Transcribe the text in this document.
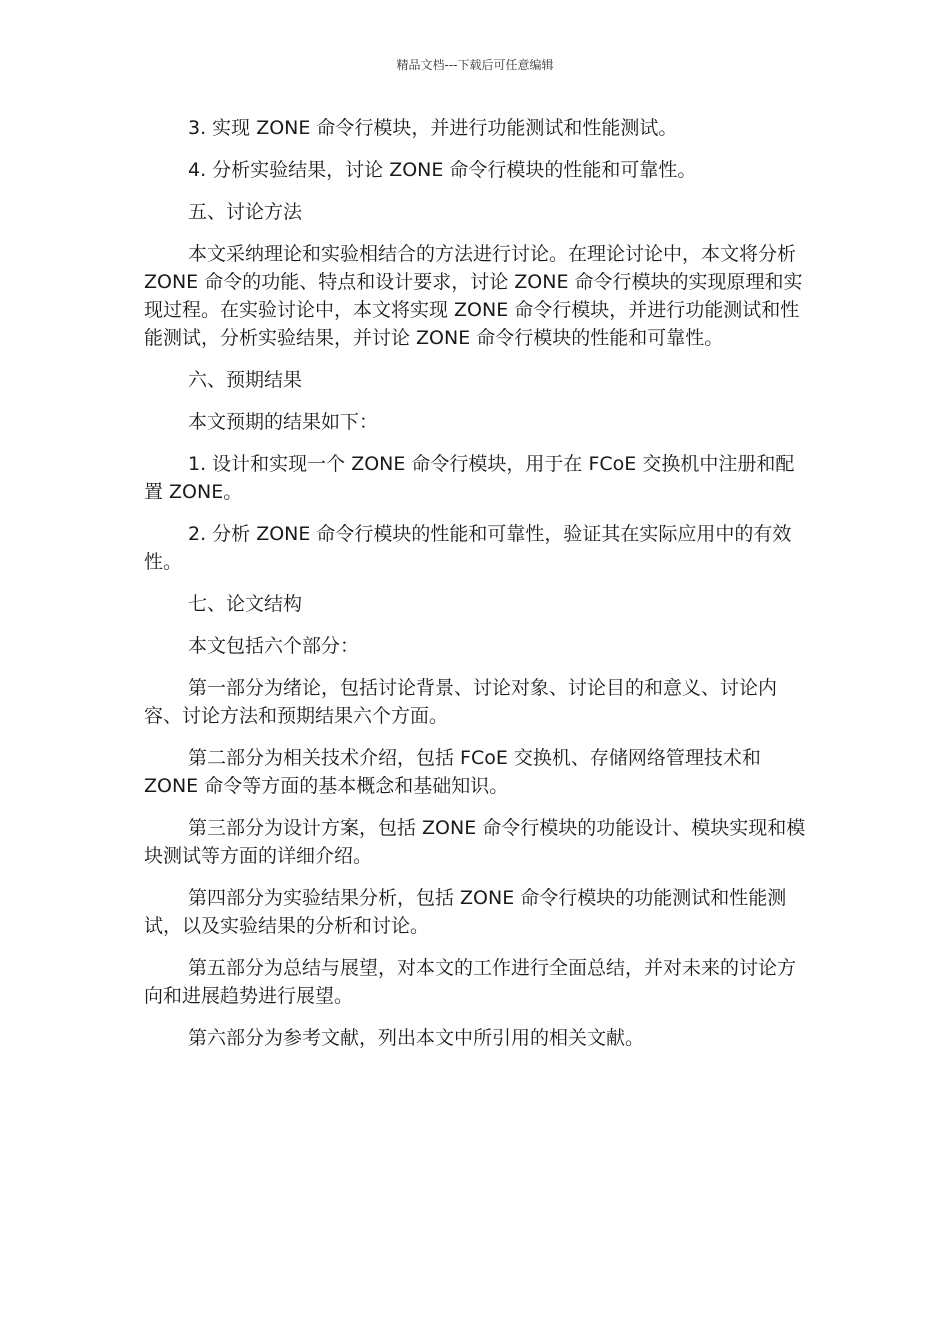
精品文档---下载后可任意编辑

3. 实现 ZONE 命令行模块，并进行功能测试和性能测试。

4. 分析实验结果，讨论 ZONE 命令行模块的性能和可靠性。

五、讨论方法

本文采纳理论和实验相结合的方法进行讨论。在理论讨论中，本文将分析 ZONE 命令的功能、特点和设计要求，讨论 ZONE 命令行模块的实现原理和实现过程。在实验讨论中，本文将实现 ZONE 命令行模块，并进行功能测试和性能测试，分析实验结果，并讨论 ZONE 命令行模块的性能和可靠性。

六、预期结果

本文预期的结果如下：

1. 设计和实现一个 ZONE 命令行模块，用于在 FCoE 交换机中注册和配置 ZONE。

2. 分析 ZONE 命令行模块的性能和可靠性，验证其在实际应用中的有效性。

七、论文结构

本文包括六个部分：

第一部分为绪论，包括讨论背景、讨论对象、讨论目的和意义、讨论内容、讨论方法和预期结果六个方面。

第二部分为相关技术介绍，包括 FCoE 交换机、存储网络管理技术和 ZONE 命令等方面的基本概念和基础知识。

第三部分为设计方案，包括 ZONE 命令行模块的功能设计、模块实现和模块测试等方面的详细介绍。

第四部分为实验结果分析，包括 ZONE 命令行模块的功能测试和性能测试，以及实验结果的分析和讨论。

第五部分为总结与展望，对本文的工作进行全面总结，并对未来的讨论方向和进展趋势进行展望。

第六部分为参考文献，列出本文中所引用的相关文献。
